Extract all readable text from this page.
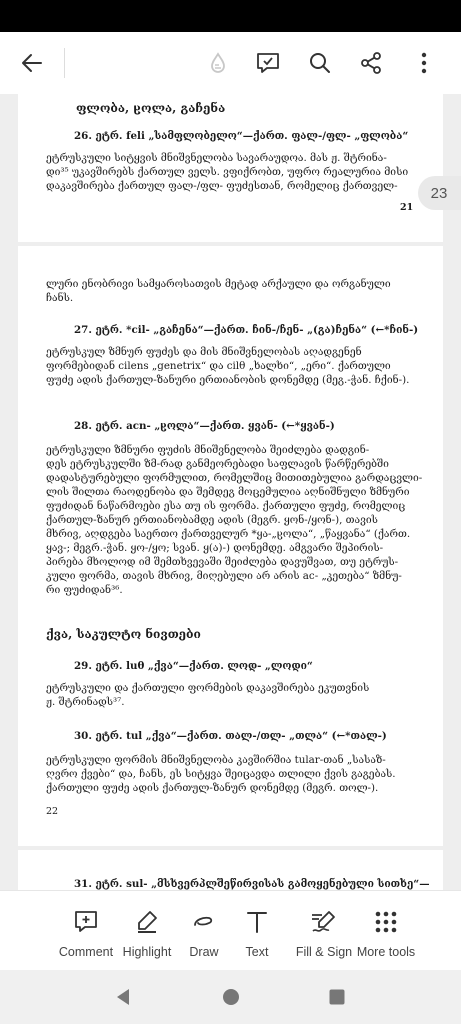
ფლობა, ჸოლა, გაჩენა
26. ეტრ. feli „სამფლობელო“—ქართ. ფალ-/ფლ- „ფლობა“
ეტრუსკული სიტყვის მნიშვნელობა სავარაუდოა. მას ჟ. შტრინა-
დი³⁵ უკავშირებს ქართულ ველს. ვფიქრობთ, უფრო რეალურია მისი
დაკავშირება ქართულ ფალ-/ფლ- ფუძესთან, რომელიც ქართველ-
21
ლური ენობრივი სამყაროსათვის მეტად არქაული და ორგანული
ჩანს.
27. ეტრ. *cil- „გაჩენა“—ქართ. ჩინ-/ჩენ- „(გა)ჩენა“ (←*ჩინ-)
ეტრუსკულ ზმნურ ფუძეს და მის მნიშვნელობას აღადგენენ
ფორმებიდან cilens „genetrix“ და cilθ „ხალხი“, „ერი“. ქართული
ფუძე ადის ქართულ-ზანური ერთიანობის დონემდე (მეგ.-ჭან. ჩქინ-).
28. ეტრ. acn- „ჸოლა“—ქართ. ყვან- (←*ყვან-)
ეტრუსკული ზმნური ფუძის მნიშვნელობა შეიძლება დადგინ-
დეს ეტრუსკულში ზმ-რად განმეორებადი საფლავის წარწერებში
დადასტურებული ფორმულით, რომელშიც მითითებულია გარდაცვლი-
ლის შილთა რაოდენობა და შემდეგ მოცემულია აღნიშნული ზმნური
ფუძიდან ნაწარმოები ესა თუ ის ფორმა. ქართული ფუძე, რომელიც
ქართულ-ზანურ ერთიანობამდე ადის (მეგრ. ყონ-/ყონ-), თავის
მხრივ, აღდგება საერთო ქართველურ *ყა-„ჸოლა“, „წაყვანა“ (ქართ.
ყავ-; მეგრ.-ჭან. ყო-/ყო; სვან. ყ(ა)-) დონემდე. ამგვარი შეპირის-
პირება მხოლოდ იმ შემთხვევაში შეიძლება დავუშვათ, თუ ეტრუს-
კული ფორმა, თავის მხრივ, მიღებული არ არის ac- „კეთება“ ზმნუ-
რი ფუძიდან³⁶.
ქვა, საკულტო ნივთები
29. ეტრ. luθ „ქვა“—ქართ. ლოდ- „ლოდი“
ეტრუსკული და ქართული ფორმების დაკავშირება ეკუთვნის
ჟ. შტრინადს³⁷.
30. ეტრ. tul „ქვა“—ქართ. თალ-/თლ- „თლა“ (←*თალ-)
ეტრუსკული ფორმის მნიშვნელობა კავშირშია tular-თან „სასაზ-
ღვრო ქვები“ და, ჩანს, ეს სიტყვა შეიცავდა თლილი ქვის გაგებას.
ქართული ფუძე ადის ქართულ-ზანურ დონემდე (მეგრ. თოლ-).
22
31. ეტრ. sul- „მსხვერპლშეწირვისას გამოყენებული სითხე“—
23
Comment Highlight Draw Text Fill & Sign More tools
